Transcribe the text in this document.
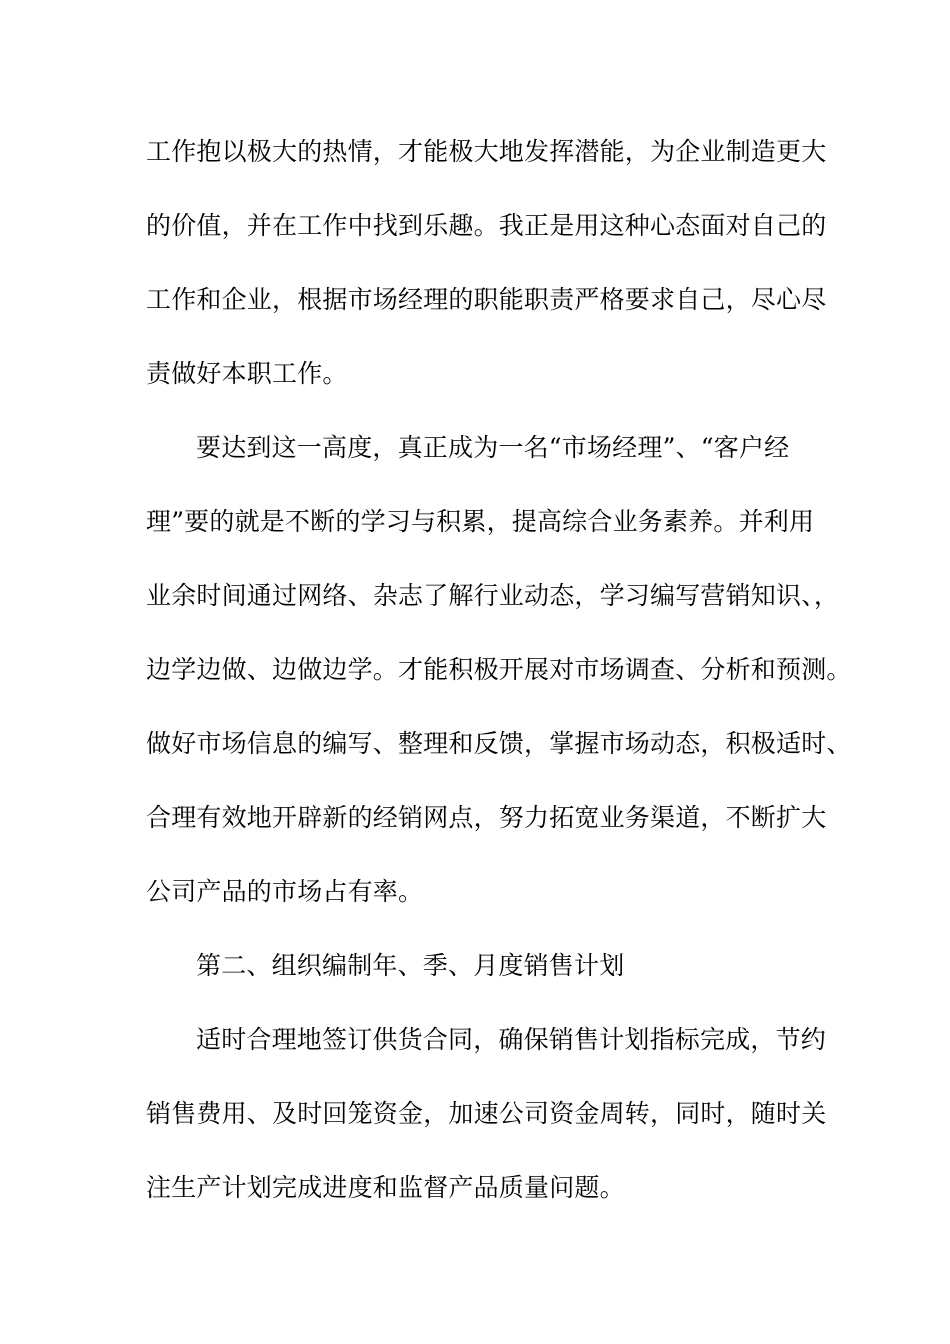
工作抱以极大的热情，才能极大地发挥潜能，为企业制造更大

的价值，并在工作中找到乐趣。我正是用这种心态面对自己的

工作和企业，根据市场经理的职能职责严格要求自己，尽心尽

责做好本职工作。

要达到这一高度，真正成为一名“市场经理”、“客户经

理”要的就是不断的学习与积累，提高综合业务素养。并利用

业余时间通过网络、杂志了解行业动态，学习编写营销知识、，

边学边做、边做边学。才能积极开展对市场调查、分析和预测。

做好市场信息的编写、整理和反馈，掌握市场动态，积极适时、

合理有效地开辟新的经销网点，努力拓宽业务渠道，不断扩大

公司产品的市场占有率。

第二、组织编制年、季、月度销售计划

适时合理地签订供货合同，确保销售计划指标完成，节约

销售费用、及时回笼资金，加速公司资金周转，同时，随时关

注生产计划完成进度和监督产品质量问题。
